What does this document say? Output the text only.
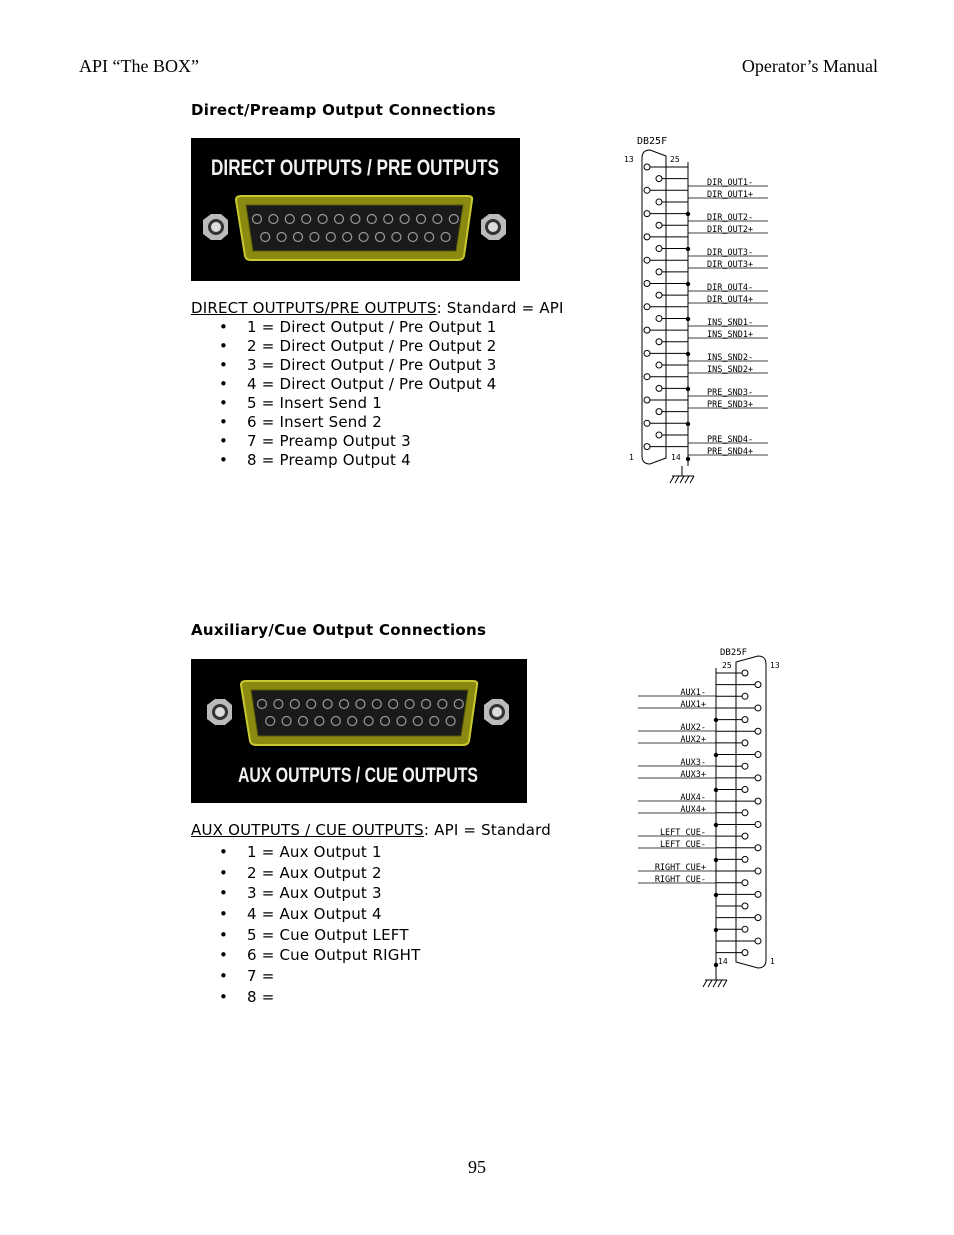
API “The BOX”	Operator’s Manual
Direct/Preamp Output Connections
DIRECT OUTPUTS / PRE OUTPUTS
DIRECT OUTPUTS/PRE OUTPUTS: Standard = API
• 1 = Direct Output / Pre Output 1
• 2 = Direct Output / Pre Output 2
• 3 = Direct Output / Pre Output 3
• 4 = Direct Output / Pre Output 4
• 5 = Insert Send 1
• 6 = Insert Send 2
• 7 = Preamp Output 3
• 8 = Preamp Output 4
DB25F
13	25
1	14
DIR_OUT1-
DIR_OUT1+
DIR_OUT2-
DIR_OUT2+
DIR_OUT3-
DIR_OUT3+
DIR_OUT4-
DIR_OUT4+
INS_SND1-
INS_SND1+
INS_SND2-
INS_SND2+
PRE_SND3-
PRE_SND3+
PRE_SND4-
PRE_SND4+
Auxiliary/Cue Output Connections
AUX OUTPUTS / CUE OUTPUTS
AUX OUTPUTS / CUE OUTPUTS: API = Standard
• 1 = Aux Output 1
• 2 = Aux Output 2
• 3 = Aux Output 3
• 4 = Aux Output 4
• 5 = Cue Output LEFT
• 6 = Cue Output RIGHT
• 7 =
• 8 =
DB25F
25	13
14	1
AUX1-
AUX1+
AUX2-
AUX2+
AUX3-
AUX3+
AUX4-
AUX4+
LEFT CUE-
LEFT CUE-
RIGHT CUE+
RIGHT CUE-
95
